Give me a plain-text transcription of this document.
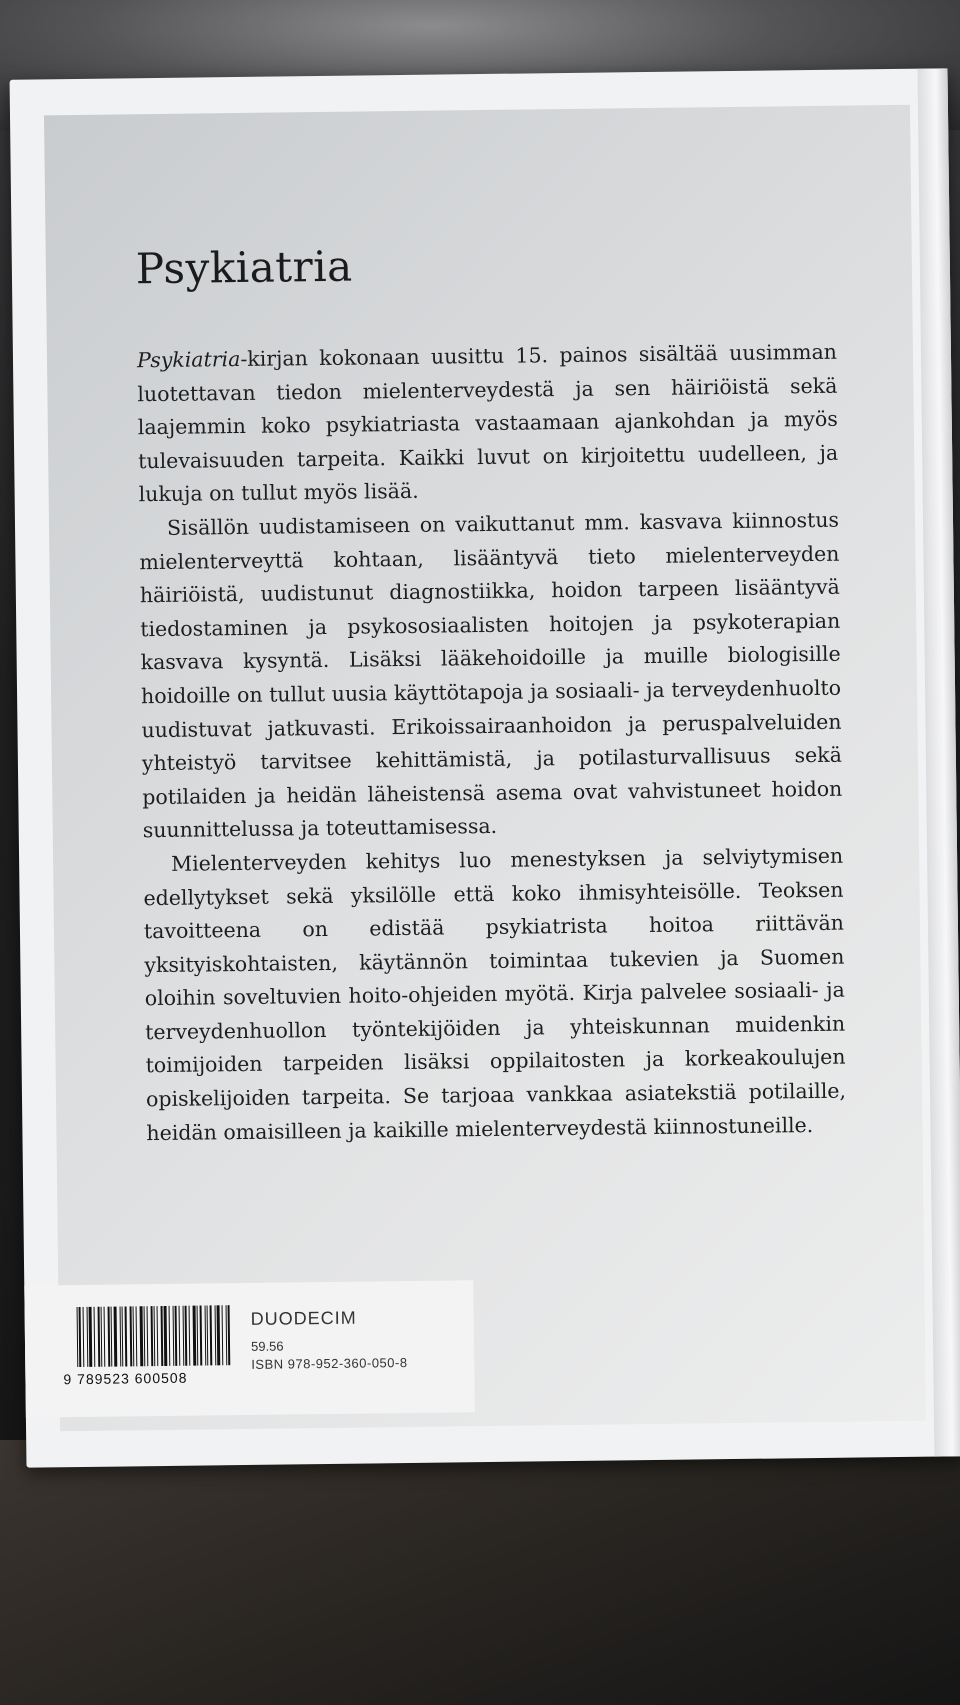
Psykiatria

Psykiatria-kirjan kokonaan uusittu 15. painos sisältää uusimman luotettavan tiedon mielenterveydestä ja sen häiriöistä sekä laajemmin koko psykiatriasta vastaamaan ajankohdan ja myös tulevaisuuden tarpeita. Kaikki luvut on kirjoitettu uudelleen, ja lukuja on tullut myös lisää.

Sisällön uudistamiseen on vaikuttanut mm. kasvava kiinnostus mielenterveyttä kohtaan, lisääntyvä tieto mielenterveyden häiriöistä, uudistunut diagnostiikka, hoidon tarpeen lisääntyvä tiedostaminen ja psykososiaalisten hoitojen ja psykoterapian kasvava kysyntä. Lisäksi lääkehoidoille ja muille biologisille hoidoille on tullut uusia käyttötapoja ja sosiaali- ja terveydenhuolto uudistuvat jatkuvasti. Erikoissairaanhoidon ja peruspalveluiden yhteistyö tarvitsee kehittämistä, ja potilasturvallisuus sekä potilaiden ja heidän läheistensä asema ovat vahvistuneet hoidon suunnittelussa ja toteuttamisessa.

Mielenterveyden kehitys luo menestyksen ja selviytymisen edellytykset sekä yksilölle että koko ihmisyhteisölle. Teoksen tavoitteena on edistää psykiatrista hoitoa riittävän yksityiskohtaisten, käytännön toimintaa tukevien ja Suomen oloihin soveltuvien hoito-ohjeiden myötä. Kirja palvelee sosiaali- ja terveydenhuollon työntekijöiden ja yhteiskunnan muidenkin toimijoiden tarpeiden lisäksi oppilaitosten ja korkeakoulujen opiskelijoiden tarpeita. Se tarjoaa vankkaa asiatekstiä potilaille, heidän omaisilleen ja kaikille mielenterveydestä kiinnostuneille.

9 789523 600508
DUODECIM
59.56
ISBN 978-952-360-050-8
